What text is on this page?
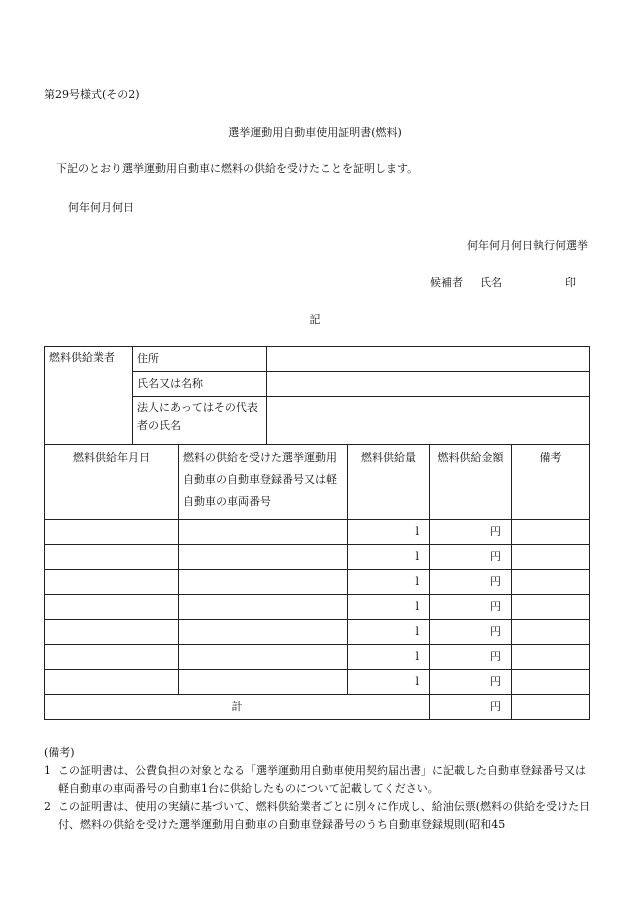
第29号様式(その2)
選挙運動用自動車使用証明書(燃料)
下記のとおり選挙運動用自動車に燃料の供給を受けたことを証明します。
何年何月何日
何年何月何日執行何選挙
候補者 氏名	印
記
燃料供給業者	住所					
	氏名又は名称					
	法人にあってはその代表者の氏名					
燃料供給年月日		燃料の供給を受けた選挙運動用自動車の自動車登録番号又は軽自動車の車両番号		燃料供給量	燃料供給金額	備考
				l	円	
				l	円	
				l	円	
				l	円	
				l	円	
				l	円	
				l	円	
計					円	

(備考)

1 この証明書は、公費負担の対象となる「選挙運動用自動車使用契約届出書」に記載した自動車登録番号又は軽自動車の車両番号の自動車1台に供給したものについて記載してください。

2 この証明書は、使用の実績に基づいて、燃料供給業者ごとに別々に作成し、給油伝票(燃料の供給を受けた日付、燃料の供給を受けた選挙運動用自動車の自動車登録番号のうち自動車登録規則(昭和45
